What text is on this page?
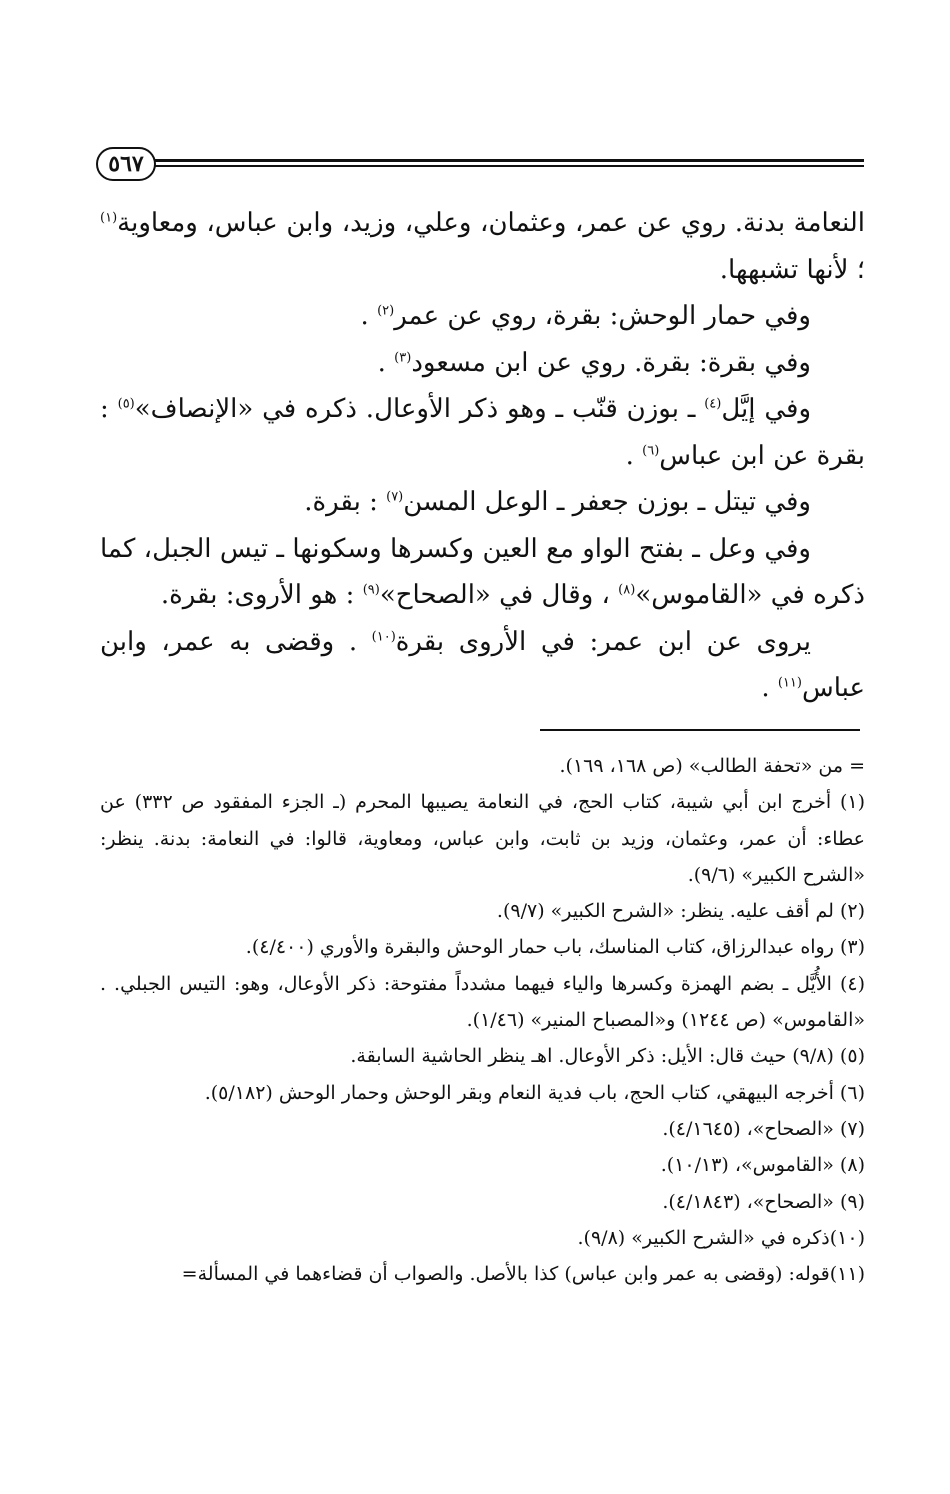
٥٦٧

النعامة بدنة. روي عن عمر، وعثمان، وعلي، وزيد، وابن عباس، ومعاوية$^{(١)}$ ؛ لأنها تشبهها.

وفي حمار الوحش: بقرة، روي عن عمر$^{(٢)}$ .

وفي بقرة: بقرة. روي عن ابن مسعود$^{(٣)}$ .

وفي إيَّل$^{(٤)}$ ـ بوزن قنّب ـ وهو ذكر الأوعال. ذكره في «الإنصاف»$^{(٥)}$ : بقرة عن ابن عباس$^{(٦)}$ .

وفي تيتل ـ بوزن جعفر ـ الوعل المسن$^{(٧)}$ : بقرة.

وفي وعل ـ بفتح الواو مع العين وكسرها وسكونها ـ تيس الجبل، كما ذكره في «القاموس»$^{(٨)}$ ، وقال في «الصحاح»$^{(٩)}$ : هو الأروى: بقرة.

يروى عن ابن عمر: في الأروى بقرة$^{(١٠)}$ . وقضى به عمر، وابن عباس$^{(١١)}$ .

= من «تحفة الطالب» (ص ١٦٨، ١٦٩).

(١) أخرج ابن أبي شيبة، كتاب الحج، في النعامة يصيبها المحرم (ـ الجزء المفقود ص ٣٣٢) عن عطاء: أن عمر، وعثمان، وزيد بن ثابت، وابن عباس، ومعاوية، قالوا: في النعامة: بدنة. ينظر: «الشرح الكبير» (٩/٦).

(٢) لم أقف عليه. ينظر: «الشرح الكبير» (٩/٧).

(٣) رواه عبدالرزاق، كتاب المناسك، باب حمار الوحش والبقرة والأوري (٤/٤٠٠).

(٤) الأُيَّل ـ بضم الهمزة وكسرها والياء فيهما مشدداً مفتوحة: ذكر الأوعال، وهو: التيس الجبلي. . «القاموس» (ص ١٢٤٤) و«المصباح المنير» (١/٤٦).

(٥) (٩/٨) حيث قال: الأيل: ذكر الأوعال. اهـ ينظر الحاشية السابقة.

(٦) أخرجه البيهقي، كتاب الحج، باب فدية النعام وبقر الوحش وحمار الوحش (٥/١٨٢).

(٧) «الصحاح»، (٤/١٦٤٥).

(٨) «القاموس»، (١٠/١٣).

(٩) «الصحاح»، (٤/١٨٤٣).

(١٠)ذكره في «الشرح الكبير» (٩/٨).

(١١)قوله: (وقضى به عمر وابن عباس) كذا بالأصل. والصواب أن قضاءهما في المسألة=
